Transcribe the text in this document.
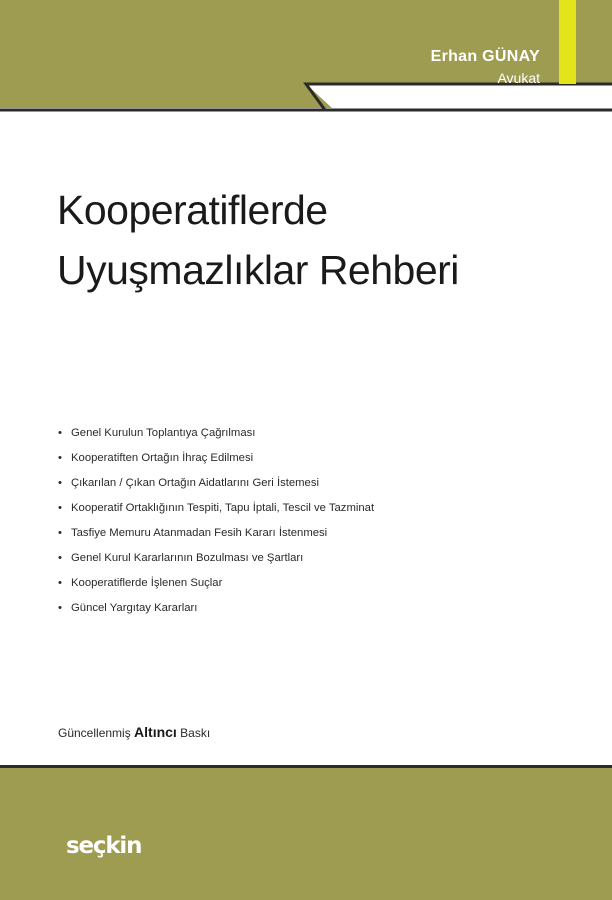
Erhan GÜNAY
Avukat
Kooperatiflerde
Uyuşmazlıklar Rehberi
• Genel Kurulun Toplantıya Çağrılması
• Kooperatiften Ortağın İhraç Edilmesi
• Çıkarılan / Çıkan Ortağın Aidatlarını Geri İstemesi
• Kooperatif Ortaklığının Tespiti, Tapu İptali, Tescil ve Tazminat
• Tasfiye Memuru Atanmadan Fesih Kararı İstenmesi
• Genel Kurul Kararlarının Bozulması ve Şartları
• Kooperatiflerde İşlenen Suçlar
• Güncel Yargıtay Kararları
Güncellenmiş Altıncı Baskı
seçkin
